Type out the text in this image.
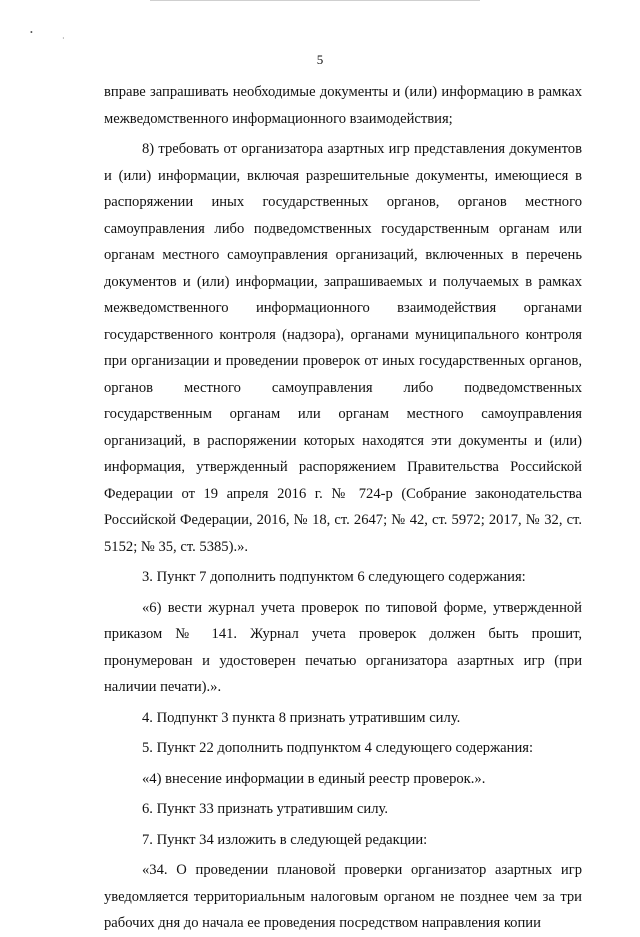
•
·
5

вправе запрашивать необходимые документы и (или) информацию в рамках межведомственного информационного взаимодействия;

8) требовать от организатора азартных игр представления документов и (или) информации, включая разрешительные документы, имеющиеся в распоряжении иных государственных органов, органов местного самоуправления либо подведомственных государственным органам или органам местного самоуправления организаций, включенных в перечень документов и (или) информации, запрашиваемых и получаемых в рамках межведомственного информационного взаимодействия органами государственного контроля (надзора), органами муниципального контроля при организации и проведении проверок от иных государственных органов, органов местного самоуправления либо подведомственных государственным органам или органам местного самоуправления организаций, в распоряжении которых находятся эти документы и (или) информация, утвержденный распоряжением Правительства Российской Федерации от 19 апреля 2016 г. № 724-р (Собрание законодательства Российской Федерации, 2016, № 18, ст. 2647; № 42, ст. 5972; 2017, № 32, ст. 5152; № 35, ст. 5385).».

3. Пункт 7 дополнить подпунктом 6 следующего содержания:

«6) вести журнал учета проверок по типовой форме, утвержденной приказом № 141. Журнал учета проверок должен быть прошит, пронумерован и удостоверен печатью организатора азартных игр (при наличии печати).».

4. Подпункт 3 пункта 8 признать утратившим силу.

5. Пункт 22 дополнить подпунктом 4 следующего содержания:

«4) внесение информации в единый реестр проверок.».

6. Пункт 33 признать утратившим силу.

7. Пункт 34 изложить в следующей редакции:

«34. О проведении плановой проверки организатор азартных игр уведомляется территориальным налоговым органом не позднее чем за три рабочих дня до начала ее проведения посредством направления копии
